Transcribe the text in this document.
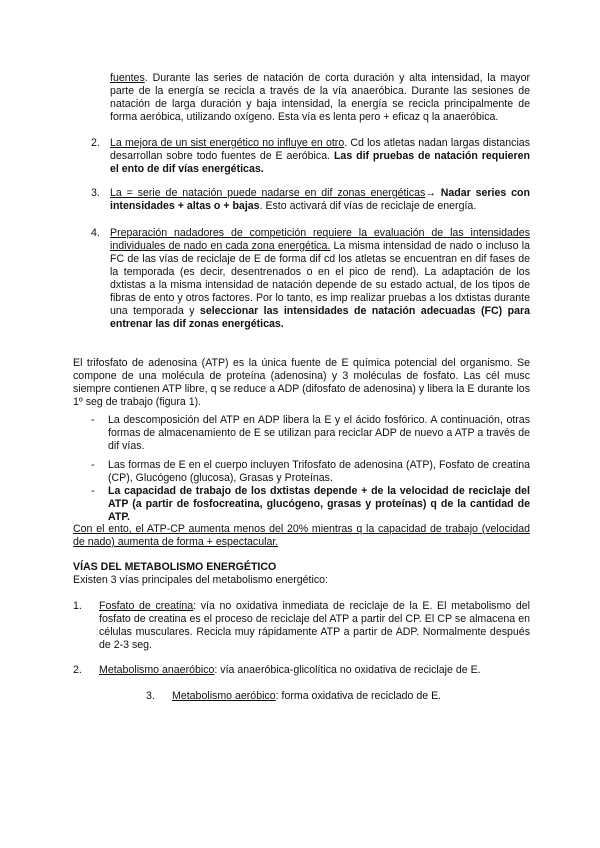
fuentes. Durante las series de natación de corta duración y alta intensidad, la mayor parte de la energía se recicla a través de la vía anaeróbica. Durante las sesiones de natación de larga duración y baja intensidad, la energía se recicla principalmente de forma aeróbica, utilizando oxígeno. Esta vía es lenta pero + eficaz q la anaeróbica.

2. La mejora de un sist energético no influye en otro. Cd los atletas nadan largas distancias desarrollan sobre todo fuentes de E aeróbica. Las dif pruebas de natación requieren el ento de dif vías energéticas.

3. La = serie de natación puede nadarse en dif zonas energéticas→ Nadar series con intensidades + altas o + bajas. Esto activará dif vías de reciclaje de energía.

4. Preparación nadadores de competición requiere la evaluación de las intensidades individuales de nado en cada zona energética. La misma intensidad de nado o incluso la FC de las vías de reciclaje de E de forma dif cd los atletas se encuentran en dif fases de la temporada (es decir, desentrenados o en el pico de rend). La adaptación de los dxtistas a la misma intensidad de natación depende de su estado actual, de los tipos de fibras de ento y otros factores. Por lo tanto, es imp realizar pruebas a los dxtistas durante una temporada y seleccionar las intensidades de natación adecuadas (FC) para entrenar las dif zonas energéticas.

El trifosfato de adenosina (ATP) es la única fuente de E química potencial del organismo. Se compone de una molécula de proteína (adenosina) y 3 moléculas de fosfato. Las cél musc siempre contienen ATP libre, q se reduce a ADP (difosfato de adenosina) y libera la E durante los 1º seg de trabajo (figura 1).

- La descomposición del ATP en ADP libera la E y el ácido fosfórico. A continuación, otras formas de almacenamiento de E se utilizan para reciclar ADP de nuevo a ATP a través de dif vías.

- Las formas de E en el cuerpo incluyen Trifosfato de adenosina (ATP), Fosfato de creatina (CP), Glucógeno (glucosa), Grasas y Proteínas.

- La capacidad de trabajo de los dxtistas depende + de la velocidad de reciclaje del ATP (a partir de fosfocreatina, glucógeno, grasas y proteínas) q de la cantidad de ATP.

Con el ento, el ATP-CP aumenta menos del 20% mientras q la capacidad de trabajo (velocidad de nado) aumenta de forma + espectacular.

VÍAS DEL METABOLISMO ENERGÉTICO

Existen 3 vías principales del metabolismo energético:

1. Fosfato de creatina: vía no oxidativa inmediata de reciclaje de la E. El metabolismo del fosfato de creatina es el proceso de reciclaje del ATP a partir del CP. El CP se almacena en células musculares. Recicla muy rápidamente ATP a partir de ADP. Normalmente después de 2-3 seg.

2. Metabolismo anaeróbico: vía anaeróbica-glicolítica no oxidativa de reciclaje de E.

3. Metabolismo aeróbico: forma oxidativa de reciclado de E.
